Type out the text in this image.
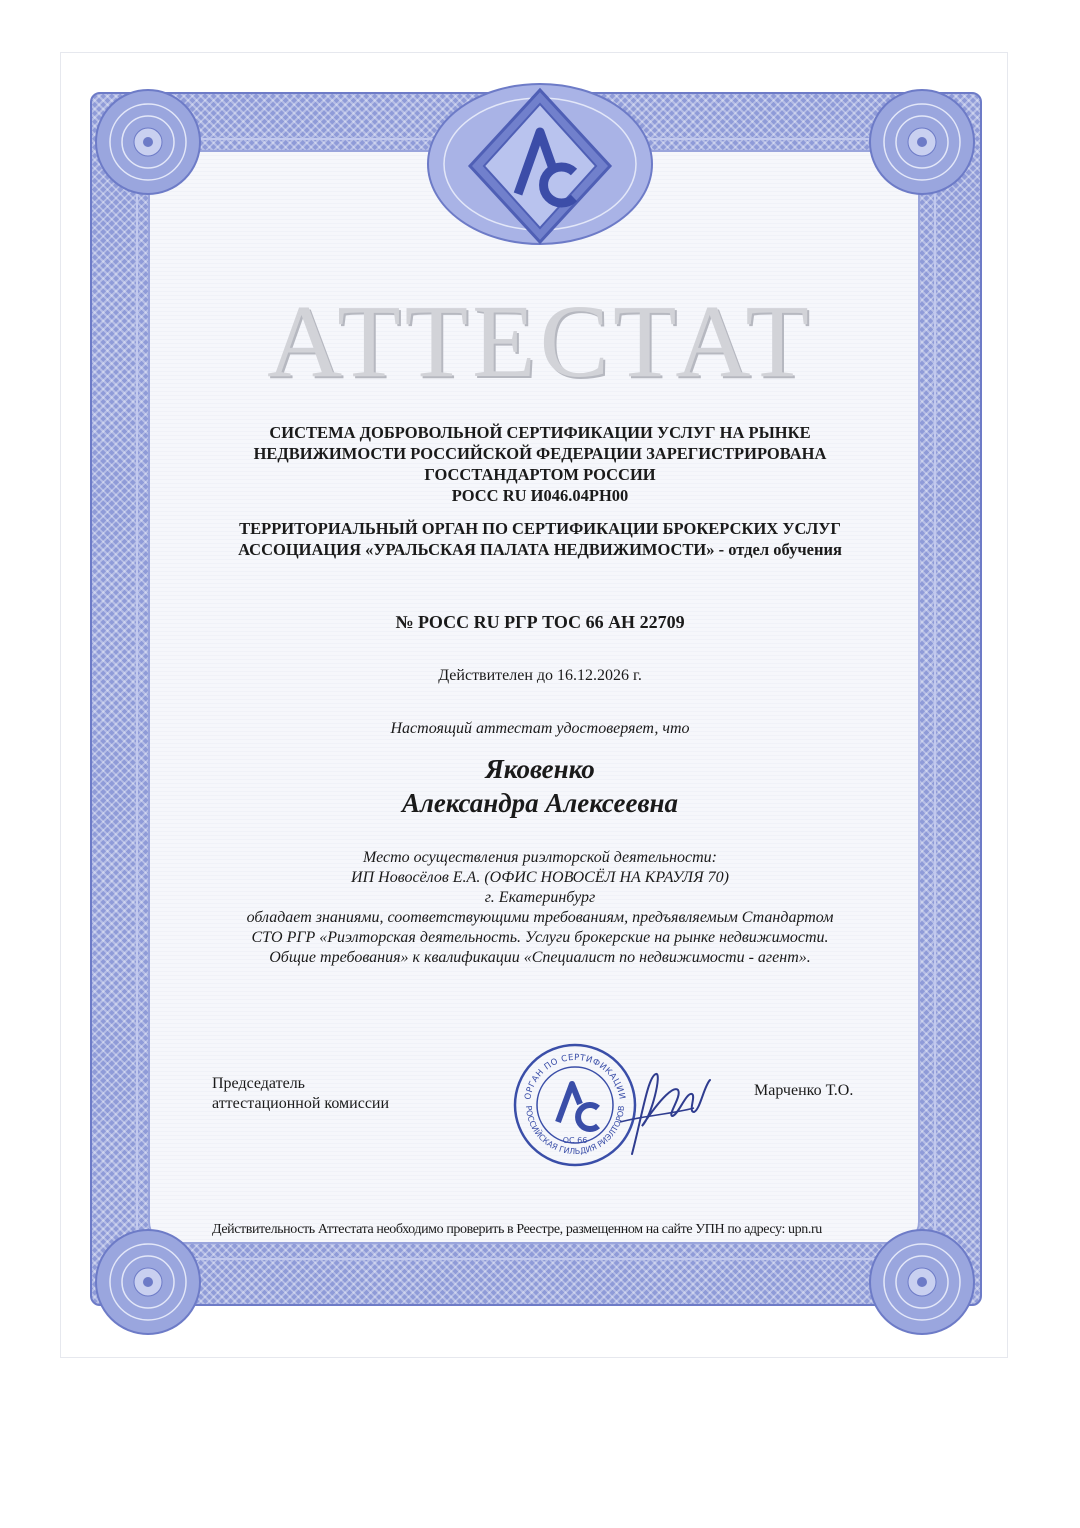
АТТЕСТАТ
СИСТЕМА ДОБРОВОЛЬНОЙ СЕРТИФИКАЦИИ УСЛУГ НА РЫНКЕ
НЕДВИЖИМОСТИ РОССИЙСКОЙ ФЕДЕРАЦИИ ЗАРЕГИСТРИРОВАНА
ГОССТАНДАРТОМ РОССИИ
РОСС RU И046.04РН00
ТЕРРИТОРИАЛЬНЫЙ ОРГАН ПО СЕРТИФИКАЦИИ БРОКЕРСКИХ УСЛУГ
АССОЦИАЦИЯ «УРАЛЬСКАЯ ПАЛАТА НЕДВИЖИМОСТИ» - отдел обучения
№ РОСС RU РГР ТОС 66 АН 22709
Действителен до 16.12.2026 г.
Настоящий аттестат удостоверяет, что
Яковенко
Александра Алексеевна
Место осуществления риэлторской деятельности:
ИП Новосёлов Е.А. (ОФИС НОВОСЁЛ НА КРАУЛЯ 70)
г. Екатеринбург
обладает знаниями, соответствующими требованиям, предъявляемым Стандартом
СТО РГР «Риэлторская деятельность. Услуги брокерские на рынке недвижимости.
Общие требования» к квалификации «Специалист по недвижимости - агент».
Председатель
аттестационной комиссии	ОРГАН ПО СЕРТИФИКАЦИИ
РОССИЙСКАЯ ГИЛЬДИЯ РИЭЛТОРОВ
ОС 66
Марченко Т.О.
Действительность Аттестата необходимо проверить в Реестре, размещенном на сайте УПН по адресу: upn.ru
